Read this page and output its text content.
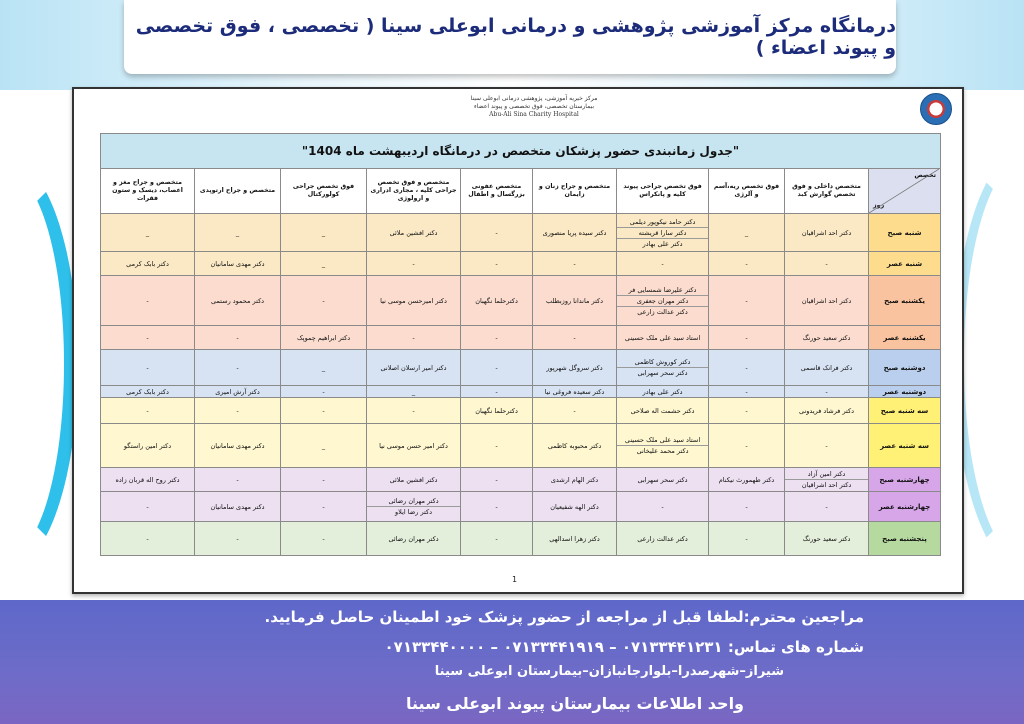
درمانگاه مرکز آموزشی پژوهشی و درمانی ابوعلی سینا ( تخصصی ، فوق تخصصی و پیوند اعضاء )
مرکز خیریه آموزشی، پژوهشی درمانی ابوعلی سینا
بیمارستان تخصصی، فوق تخصصی و پیوند اعضاء
Abu-Ali Sina Charity Hospital
"جدول زمانبندی حضور پزشکان متخصص در درمانگاه اردیبهشت ماه 1404"									

تخصص
روز	متخصص داخلی و فوق تخصص گوارش کبد	فوق تخصص ریه،آسم و آلرژی	فوق تخصص جراحی پیوند کلیه و پانکراس	متخصص و جراح زنان و زایمان	متخصص عفونی بزرگسال و اطفال	متخصص و فوق تخصص جراحی کلیه ، مجاری ادراری و ارولوژی	فوق تخصص جراحی کولورکتال	متخصص و جراح ارتوپدی	متخصص و جراح مغز و اعصاب، دیسک و ستون فقرات
شنبه صبح	دکتر احد اشراقیان	_	دکتر حامد نیکوپور دیلمی
دکتر سارا قریشته
دکتر علی بهادر	دکتر سیده پریا منصوری	-	دکتر افشین ملائی	_	_	_
شنبه عصر	-	-	-	-	-	-	_	دکتر مهدی سامانیان	دکتر بابک کرمی
یکشنبه صبح	دکتر احد اشراقیان	-	دکتر علیرضا شمسایی فر
دکتر مهران جعفری
دکتر عدالت زارعی	دکتر ماندانا روزبطلب	دکترحلما نگهبان	دکتر امیرحسن موسی نیا	-	دکتر محمود رستمی	-
یکشنبه عصر	دکتر سعید حورنگ	-	استاد سید علی ملک حسینی	-	-	-	دکتر ابراهیم چموپک	-	-
دوشنبه صبح	دکتر فرانک قاسمی	-	دکتر کوروش کاظمی
دکتر سحر سهرابی	دکتر سروگل شهرپور	-	دکتر امیر ارسلان اصلانی	_	-	-
دوشنبه عصر	-	-	دکتر علی بهادر	دکتر سعیده فروغی نیا	-	_	-	دکتر آرش امیری	دکتر بابک کرمی
سه شنبه صبح	دکتر فرشاد فریدونی	-	دکتر حشمت اله صلاحی	-	دکترحلما نگهبان	-	-	-	-
سه شنبه عصر	-	-	استاد سید علی ملک حسینی
دکتر محمد علیخانی	دکتر محبوبه کاظمی	-	دکتر امیر حسن موسی نیا	_	دکتر مهدی سامانیان	دکتر امین راستگو
چهارشنبه صبح	دکتر امین آزاد
دکتر احد اشراقیان	دکتر طهمورث نیکنام	دکتر سحر سهرابی	دکتر الهام ارشدی	-	دکتر افشین ملائی	-	-	دکتر روح اله قربان زاده
چهارشنبه عصر	-	-	-	دکتر الهه شفیعیان	-	دکتر مهران رضائی
دکتر رضا ایلاو	-	دکتر مهدی سامانیان	-
پنجشنبه صبح	دکتر سعید حورنگ	-	دکتر عدالت زارعی	دکتر زهرا اسدالهی	-	دکتر مهران رضائی	-	-	-
1
مراجعین محترم:لطفا قبل از مراجعه از حضور پزشک خود اطمینان حاصل فرمایید.
شماره های تماس: ۰۷۱۳۳۴۴۱۲۳۱ – ۰۷۱۳۳۴۴۱۹۱۹ – ۰۷۱۳۳۴۴۰۰۰۰
شیراز–شهرصدرا–بلوارجانبازان–بیمارستان ابوعلی سینا
واحد اطلاعات بیمارستان پیوند ابوعلی سینا
